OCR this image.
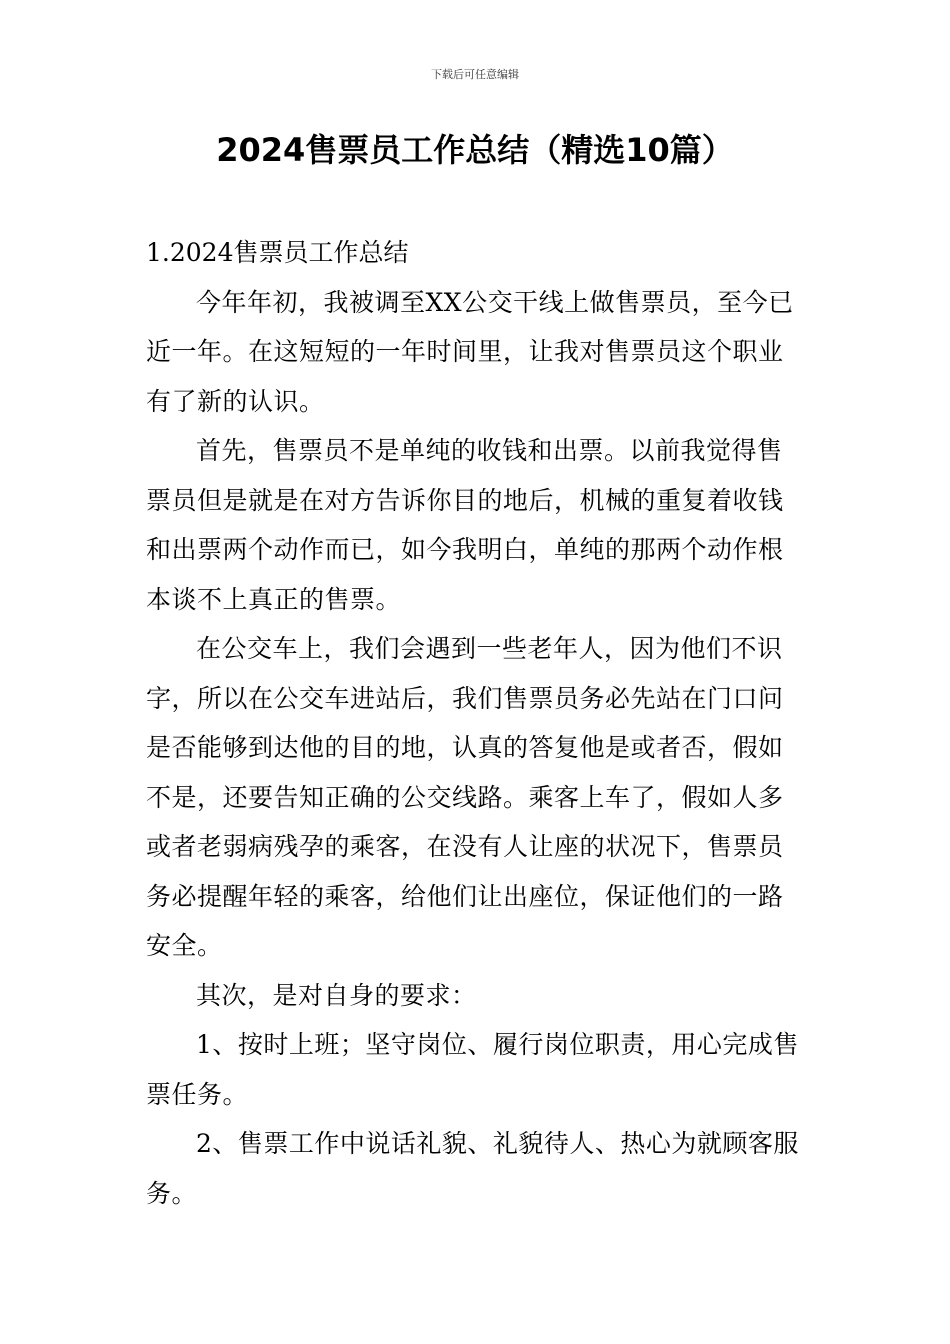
下载后可任意编辑
2024售票员工作总结（精选10篇）
1.2024售票员工作总结

今年年初，我被调至XX公交干线上做售票员，至今已近一年。在这短短的一年时间里，让我对售票员这个职业有了新的认识。

首先，售票员不是单纯的收钱和出票。以前我觉得售票员但是就是在对方告诉你目的地后，机械的重复着收钱和出票两个动作而已，如今我明白，单纯的那两个动作根本谈不上真正的售票。

在公交车上，我们会遇到一些老年人，因为他们不识字，所以在公交车进站后，我们售票员务必先站在门口问是否能够到达他的目的地，认真的答复他是或者否，假如不是，还要告知正确的公交线路。乘客上车了，假如人多或者老弱病残孕的乘客，在没有人让座的状况下，售票员务必提醒年轻的乘客，给他们让出座位，保证他们的一路安全。

其次，是对自身的要求：

1、按时上班；坚守岗位、履行岗位职责，用心完成售票任务。

2、售票工作中说话礼貌、礼貌待人、热心为就顾客服务。
